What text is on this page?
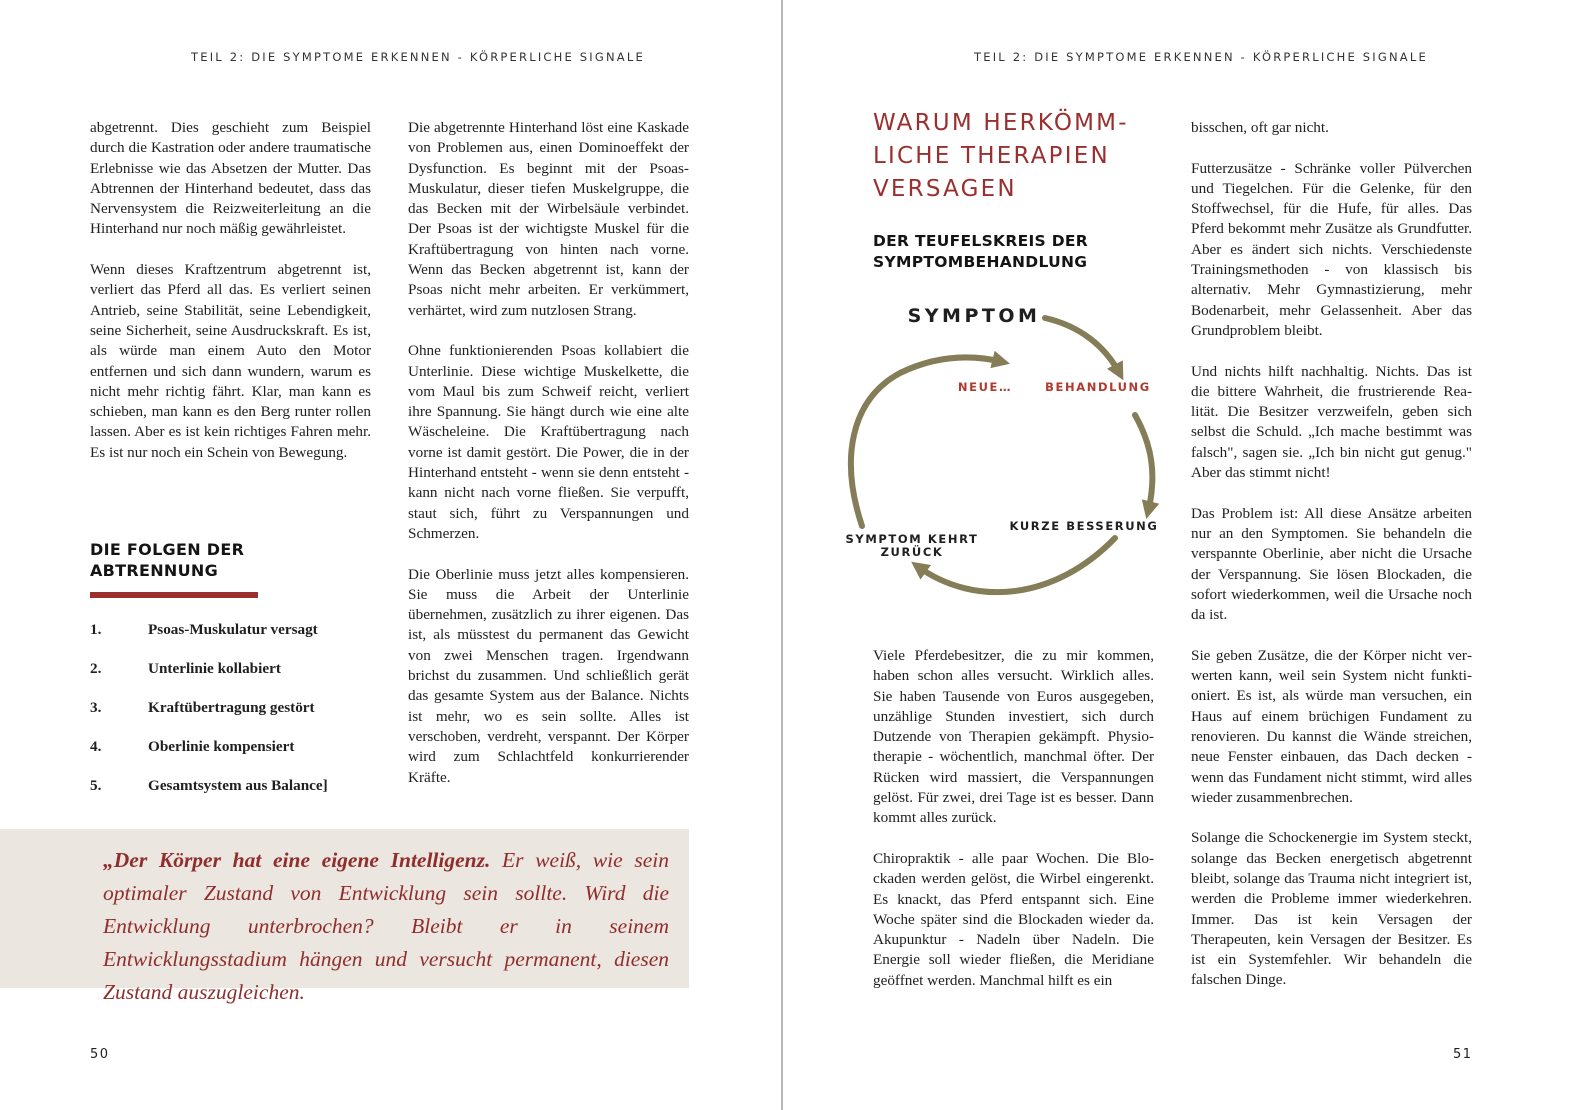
TEIL 2: DIE SYMPTOME ERKENNEN - KÖRPERLICHE SIGNALE

abgetrennt. Dies geschieht zum Beispiel durch die Kastration oder andere traumatische Erlebnisse wie das Absetzen der Mutter. Das Abtrennen der Hinterhand bedeutet, dass das Nervensystem die Reizweiterleitung an die Hinterhand nur noch mäßig gewährleistet.

Wenn dieses Kraftzentrum abgetrennt ist, verliert das Pferd all das. Es verliert seinen Antrieb, seine Stabilität, seine Lebendigkeit, seine Sicherheit, seine Ausdruckskraft. Es ist, als würde man einem Auto den Motor entfernen und sich dann wundern, warum es nicht mehr richtig fährt. Klar, man kann es schieben, man kann es den Berg runter rollen lassen. Aber es ist kein richtiges Fahren mehr. Es ist nur noch ein Schein von Bewegung.

DIE FOLGEN DER
ABTRENNUNG
1.	Psoas-Muskulatur versagt
2.	Unterlinie kollabiert
3.	Kraftübertragung gestört
4.	Oberlinie kompensiert
5.	Gesamtsystem aus Balance]

Die abgetrennte Hinterhand löst eine Kaskade von Problemen aus, einen Dominoeffekt der Dysfunction. Es beginnt mit der Psoas-Muskulatur, dieser tiefen Muskelgruppe, die das Becken mit der Wirbelsäule verbindet. Der Psoas ist der wichtigste Muskel für die Kraftübertragung von hinten nach vorne. Wenn das Becken abgetrennt ist, kann der Psoas nicht mehr arbeiten. Er verkümmert, verhärtet, wird zum nutzlosen Strang.

Ohne funktionierenden Psoas kollabiert die Unterlinie. Diese wichtige Muskelkette, die vom Maul bis zum Schweif reicht, verliert ihre Spannung. Sie hängt durch wie eine alte Wäscheleine. Die Kraftübertragung nach vorne ist damit gestört. Die Power, die in der Hinterhand entsteht - wenn sie denn entsteht - kann nicht nach vorne fließen. Sie verpufft, staut sich, führt zu Verspannungen und Schmerzen.

Die Oberlinie muss jetzt alles kompensieren. Sie muss die Arbeit der Unterlinie übernehmen, zusätzlich zu ihrer eigenen. Das ist, als müsstest du permanent das Gewicht von zwei Menschen tragen. Irgendwann brichst du zusammen. Und schließlich gerät das gesamte System aus der Balance. Nichts ist mehr, wo es sein sollte. Alles ist verschoben, verdreht, verspannt. Der Körper wird zum Schlachtfeld konkurrierender Kräfte.

„Der Körper hat eine eigene Intelligenz. Er weiß, wie sein optimaler Zustand von Entwicklung sein sollte. Wird die Entwicklung unterbrochen? Bleibt er in seinem Entwicklungsstadium hängen und versucht permanent, diesen Zustand auszugleichen.
50
TEIL 2: DIE SYMPTOME ERKENNEN - KÖRPERLICHE SIGNALE
WARUM HERKÖMM-
LICHE THERAPIEN
VERSAGEN
DER TEUFELSKREIS DER
SYMPTOMBEHANDLUNG
SYMPTOM
NEUE…	BEHANDLUNG
KURZE BESSERUNG
SYMPTOM KEHRT
ZURÜCK

Viele Pferdebesitzer, die zu mir kommen, haben schon alles versucht. Wirklich alles. Sie haben Tausende von Euros ausgegeben, unzählige Stunden investiert, sich durch Dutzende von Therapien gekämpft. Physiotherapie - wöchentlich, manchmal öfter. Der Rücken wird massiert, die Verspannungen gelöst. Für zwei, drei Tage ist es besser. Dann kommt alles zurück.

Chiropraktik - alle paar Wochen. Die Blockaden werden gelöst, die Wirbel eingerenkt. Es knackt, das Pferd entspannt sich. Eine Woche später sind die Blockaden wieder da. Akupunktur - Nadeln über Nadeln. Die Energie soll wieder fließen, die Meridiane geöffnet werden. Manchmal hilft es ein

bisschen, oft gar nicht.

Futterzusätze - Schränke voller Pülverchen und Tiegelchen. Für die Gelenke, für den Stoffwechsel, für die Hufe, für alles. Das Pferd bekommt mehr Zusätze als Grundfutter. Aber es ändert sich nichts. Verschiedenste Trainingsmethoden - von klassisch bis alternativ. Mehr Gymnastizierung, mehr Bodenarbeit, mehr Gelassenheit. Aber das Grundproblem bleibt.

Und nichts hilft nachhaltig. Nichts. Das ist die bittere Wahrheit, die frustrierende Realität. Die Besitzer verzweifeln, geben sich selbst die Schuld. „Ich mache bestimmt was falsch", sagen sie. „Ich bin nicht gut genug." Aber das stimmt nicht!

Das Problem ist: All diese Ansätze arbeiten nur an den Symptomen. Sie behandeln die verspannte Oberlinie, aber nicht die Ursache der Verspannung. Sie lösen Blockaden, die sofort wiederkommen, weil die Ursache noch da ist.

Sie geben Zusätze, die der Körper nicht verwerten kann, weil sein System nicht funktioniert. Es ist, als würde man versuchen, ein Haus auf einem brüchigen Fundament zu renovieren. Du kannst die Wände streichen, neue Fenster einbauen, das Dach decken - wenn das Fundament nicht stimmt, wird alles wieder zusammenbrechen.

Solange die Schockenergie im System steckt, solange das Becken energetisch abgetrennt bleibt, solange das Trauma nicht integriert ist, werden die Probleme immer wiederkehren. Immer. Das ist kein Versagen der Therapeuten, kein Versagen der Besitzer. Es ist ein Systemfehler. Wir behandeln die falschen Dinge.

51
